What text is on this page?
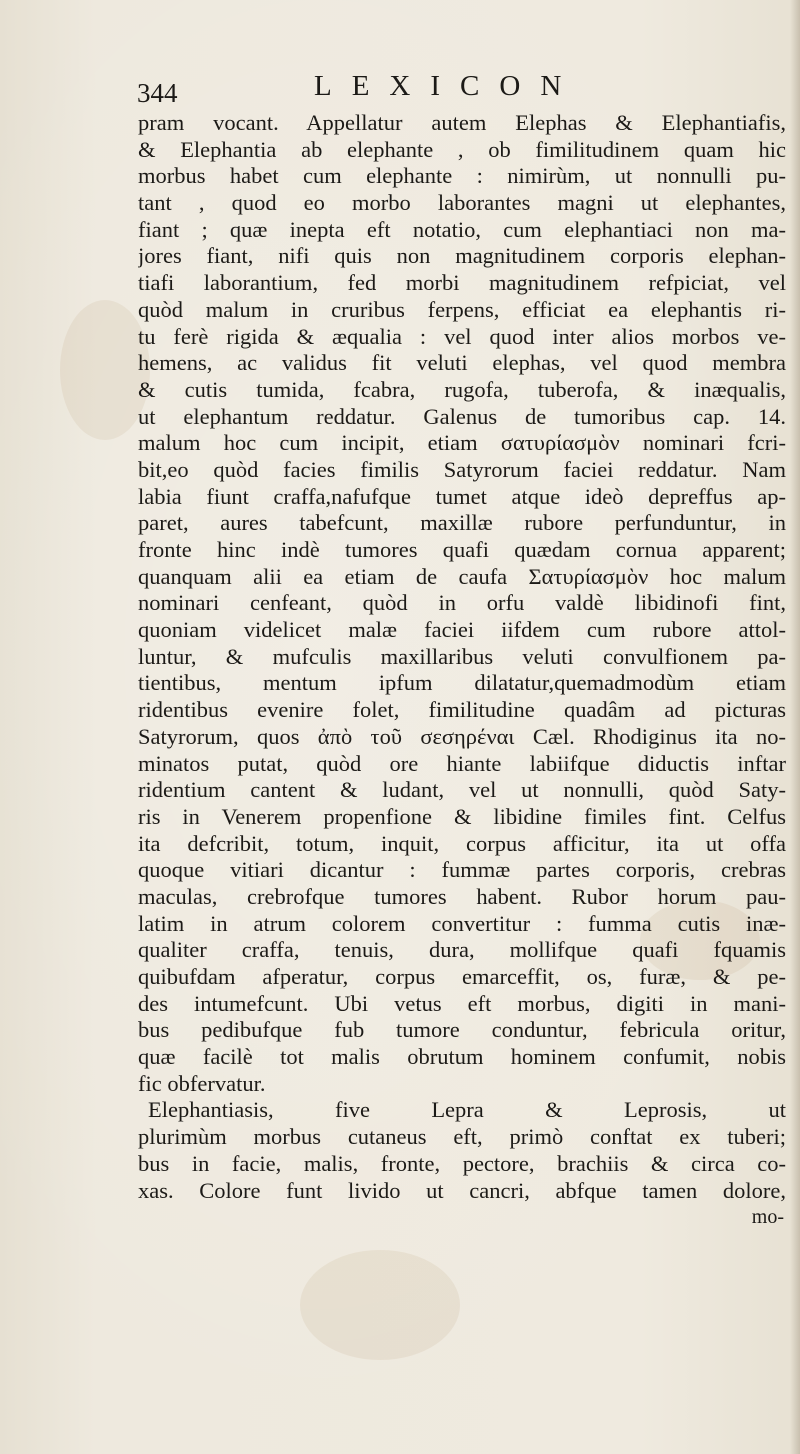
344	LEXICON
pram vocant. Appellatur autem Elephas & Elephantiafis,
& Elephantia ab elephante , ob fimilitudinem quam hic
morbus habet cum elephante : nimirùm, ut nonnulli pu-
tant , quod eo morbo laborantes magni ut elephantes,
fiant ; quæ inepta eft notatio, cum elephantiaci non ma-
jores fiant, nifi quis non magnitudinem corporis elephan-
tiafi laborantium, fed morbi magnitudinem refpiciat, vel
quòd malum in cruribus ferpens, efficiat ea elephantis ri-
tu ferè rigida & æqualia : vel quod inter alios morbos ve-
hemens, ac validus fit veluti elephas, vel quod membra
& cutis tumida, fcabra, rugofa, tuberofa, & inæqualis,
ut elephantum reddatur. Galenus de tumoribus cap. 14.
malum hoc cum incipit, etiam σατυρίασμὸν nominari fcri-
bit,eo quòd facies fimilis Satyrorum faciei reddatur. Nam
labia fiunt craffa,nafufque tumet atque ideò depreffus ap-
paret, aures tabefcunt, maxillæ rubore perfunduntur, in
fronte hinc indè tumores quafi quædam cornua apparent;
quanquam alii ea etiam de caufa Σατυρίασμὸν hoc malum
nominari cenfeant, quòd in orfu valdè libidinofi fint,
quoniam videlicet malæ faciei iifdem cum rubore attol-
luntur, & mufculis maxillaribus veluti convulfionem pa-
tientibus, mentum ipfum dilatatur,quemadmodùm etiam
ridentibus evenire folet, fimilitudine quadâm ad picturas
Satyrorum, quos ἀπὸ τοῦ σεσηρέναι Cæl. Rhodiginus ita no-
minatos putat, quòd ore hiante labiifque diductis inftar
ridentium cantent & ludant, vel ut nonnulli, quòd Saty-
ris in Venerem propenfione & libidine fimiles fint. Celfus
ita defcribit, totum, inquit, corpus afficitur, ita ut offa
quoque vitiari dicantur : fummæ partes corporis, crebras
maculas, crebrofque tumores habent. Rubor horum pau-
latim in atrum colorem convertitur : fumma cutis inæ-
qualiter craffa, tenuis, dura, mollifque quafi fquamis
quibufdam afperatur, corpus emarceffit, os, furæ, & pe-
des intumefcunt. Ubi vetus eft morbus, digiti in mani-
bus pedibufque fub tumore conduntur, febricula oritur,
quæ facilè tot malis obrutum hominem confumit, nobis
fic obfervatur.
Elephantiasis, five Lepra & Leprosis, ut
plurimùm morbus cutaneus eft, primò conftat ex tuberi;
bus in facie, malis, fronte, pectore, brachiis & circa co-
xas. Colore funt livido ut cancri, abfque tamen dolore,
mo-
